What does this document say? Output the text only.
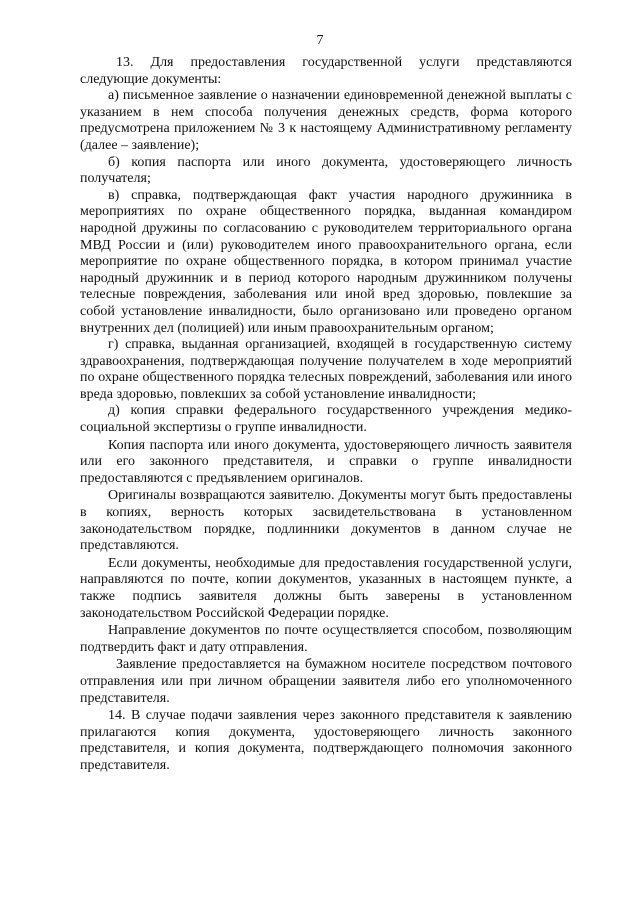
7

13. Для предоставления государственной услуги представляются следующие документы:

а) письменное заявление о назначении единовременной денежной выплаты с указанием в нем способа получения денежных средств, форма которого предусмотрена приложением № 3 к настоящему Административному регламенту (далее – заявление);

б) копия паспорта или иного документа, удостоверяющего личность получателя;

в) справка, подтверждающая факт участия народного дружинника в мероприятиях по охране общественного порядка, выданная командиром народной дружины по согласованию с руководителем территориального органа МВД России и (или) руководителем иного правоохранительного органа, если мероприятие по охране общественного порядка, в котором принимал участие народный дружинник и в период которого народным дружинником получены телесные повреждения, заболевания или иной вред здоровью, повлекшие за собой установление инвалидности, было организовано или проведено органом внутренних дел (полицией) или иным правоохранительным органом;

г) справка, выданная организацией, входящей в государственную систему здравоохранения, подтверждающая получение получателем в ходе мероприятий по охране общественного порядка телесных повреждений, заболевания или иного вреда здоровью, повлекших за собой установление инвалидности;

д) копия справки федерального государственного учреждения медико-социальной экспертизы о группе инвалидности.

Копия паспорта или иного документа, удостоверяющего личность заявителя или его законного представителя, и справки о группе инвалидности предоставляются с предъявлением оригиналов.

Оригиналы возвращаются заявителю. Документы могут быть предоставлены в копиях, верность которых засвидетельствована в установленном законодательством порядке, подлинники документов в данном случае не представляются.

Если документы, необходимые для предоставления государственной услуги, направляются по почте, копии документов, указанных в настоящем пункте, а также подпись заявителя должны быть заверены в установленном законодательством Российской Федерации порядке.

Направление документов по почте осуществляется способом, позволяющим подтвердить факт и дату отправления.

Заявление предоставляется на бумажном носителе посредством почтового отправления или при личном обращении заявителя либо его уполномоченного представителя.

14. В случае подачи заявления через законного представителя к заявлению прилагаются копия документа, удостоверяющего личность законного представителя, и копия документа, подтверждающего полномочия законного представителя.
